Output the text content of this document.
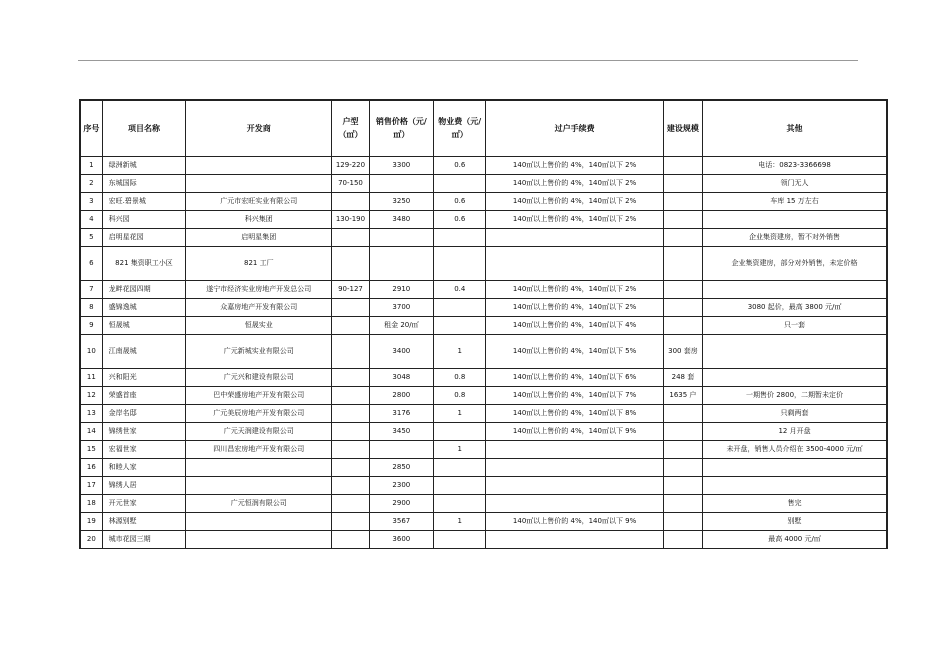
序号	项目名称	开发商	户型（㎡）	销售价格（元/㎡）	物业费（元/㎡）	过户手续费	建设规模	其他
1	绿洲新城		129-220	3300	0.6	140㎡以上售价的 4%，140㎡以下 2%		电话：0823-3366698
2	东城国际		70-150			140㎡以上售价的 4%，140㎡以下 2%		领门无人
3	宏旺.碧景城	广元市宏旺实业有限公司		3250	0.6	140㎡以上售价的 4%，140㎡以下 2%		车库 15 万左右
4	科兴园	科兴集团	130-190	3480	0.6	140㎡以上售价的 4%，140㎡以下 2%		
5	启明星花园	启明星集团						企业集资建房，暂不对外销售
6	821 集资职工小区	821 工厂						企业集资建房，部分对外销售，未定价格
7	龙畔花园四期	遂宁市经济实业房地产开发总公司	90-127	2910	0.4	140㎡以上售价的 4%，140㎡以下 2%		
8	盛锦逸城	众嘉房地产开发有限公司		3700		140㎡以上售价的 4%，140㎡以下 2%		3080 起价，最高 3800 元/㎡
9	恒晟城	恒晟实业		租金 20/㎡		140㎡以上售价的 4%，140㎡以下 4%		只一套
10	江南晟城	广元新城实业有限公司		3400	1	140㎡以上售价的 4%，140㎡以下 5%	300 套房	
11	兴和阳光	广元兴和建设有限公司		3048	0.8	140㎡以上售价的 4%，140㎡以下 6%	248 套	
12	荣盛首座	巴中荣盛房地产开发有限公司		2800	0.8	140㎡以上售价的 4%，140㎡以下 7%	1635 户	一期售价 2800，二期暂未定价
13	金岸名邸	广元美辰房地产开发有限公司		3176	1	140㎡以上售价的 4%，140㎡以下 8%		只剩两套
14	锦绣世家	广元天润建设有限公司		3450		140㎡以上售价的 4%，140㎡以下 9%		12 月开盘
15	宏福世家	四川昌宏房地产开发有限公司			1			未开盘，销售人员介绍在 3500-4000 元/㎡
16	和睦人家			2850				
17	锦绣人居			2300				
18	开元世家	广元恒润有限公司		2900				售完
19	林源别墅			3567	1	140㎡以上售价的 4%，140㎡以下 9%		别墅
20	城市花园三期			3600				最高 4000 元/㎡
